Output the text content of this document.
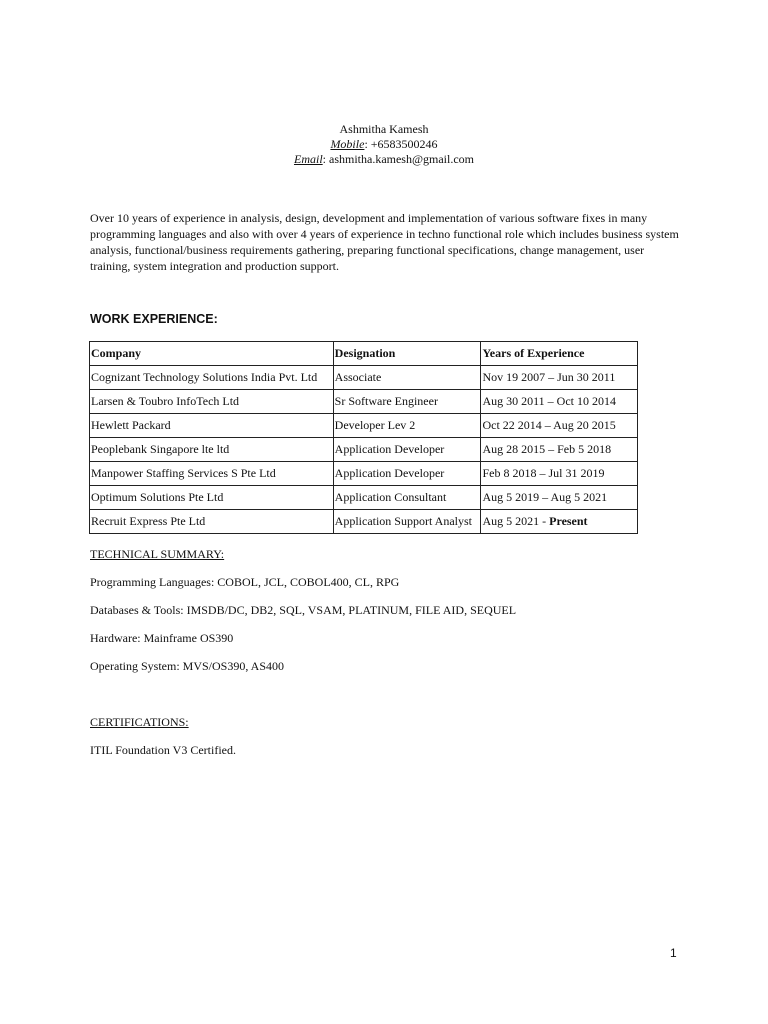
Ashmitha Kamesh
Mobile: +6583500246
Email: ashmitha.kamesh@gmail.com
Over 10 years of experience in analysis, design, development and implementation of various software fixes in many programming languages and also with over 4 years of experience in techno functional role which includes business system analysis, functional/business requirements gathering, preparing functional specifications, change management, user training, system integration and production support.
WORK EXPERIENCE:
Company	Designation	Years of Experience
Cognizant Technology Solutions India Pvt. Ltd	Associate	Nov 19 2007 – Jun 30 2011
Larsen & Toubro InfoTech Ltd	Sr Software Engineer	Aug 30 2011 – Oct 10 2014
Hewlett Packard	Developer Lev 2	Oct 22 2014 – Aug 20 2015
Peoplebank Singapore lte ltd	Application Developer	Aug 28 2015 – Feb 5 2018
Manpower Staffing Services S Pte Ltd	Application Developer	Feb 8 2018 – Jul 31 2019
Optimum Solutions Pte Ltd	Application Consultant	Aug 5 2019 – Aug 5 2021
Recruit Express Pte Ltd	Application Support Analyst	Aug 5 2021 - Present
TECHNICAL SUMMARY:
Programming Languages: COBOL, JCL, COBOL400, CL, RPG
Databases & Tools: IMSDB/DC, DB2, SQL, VSAM, PLATINUM, FILE AID, SEQUEL
Hardware: Mainframe OS390
Operating System: MVS/OS390, AS400
CERTIFICATIONS:
ITIL Foundation V3 Certified.
1
